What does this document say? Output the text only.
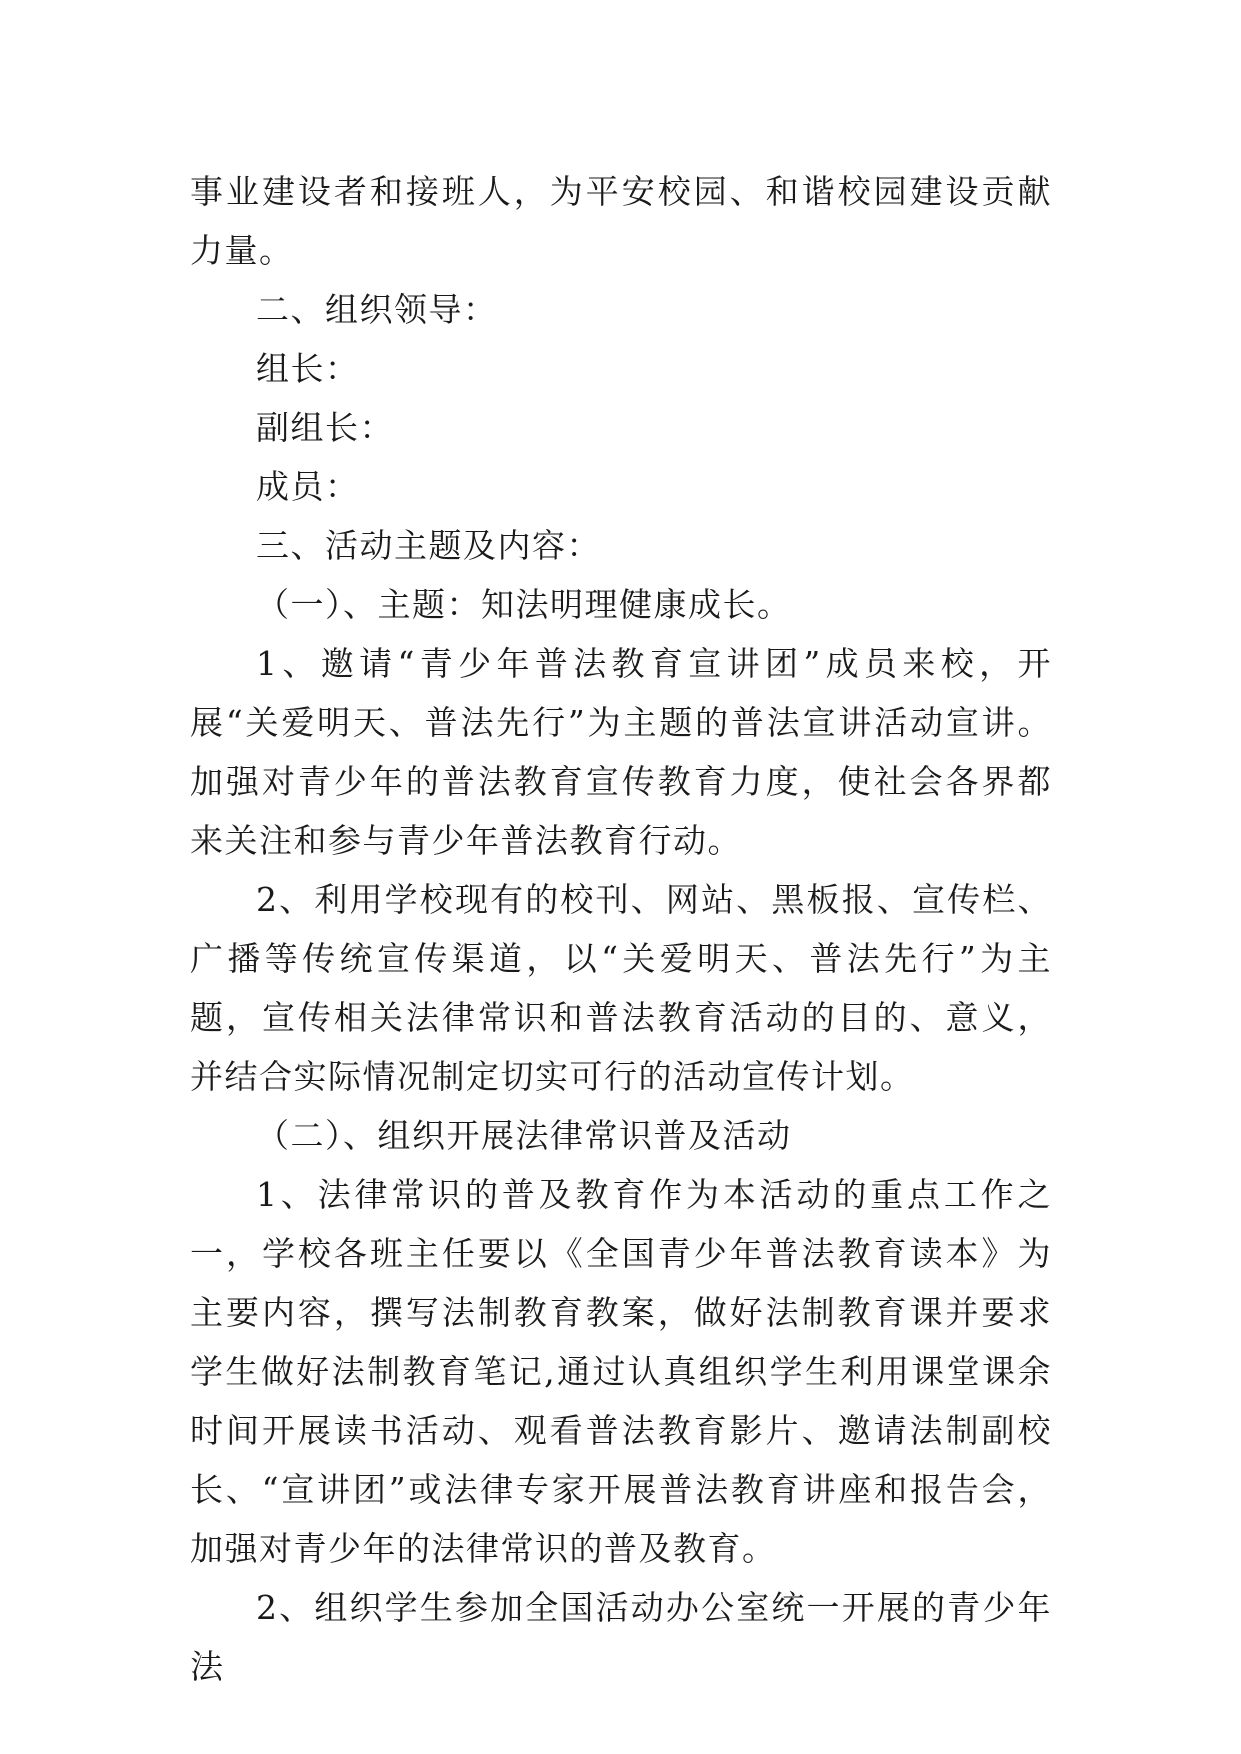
事业建设者和接班人，为平安校园、和谐校园建设贡献力量。

二、组织领导：

组长：

副组长：

成员：

三、活动主题及内容：

（一）、主题：知法明理健康成长。

1、邀请“青少年普法教育宣讲团”成员来校，开展“关爱明天、普法先行”为主题的普法宣讲活动宣讲。加强对青少年的普法教育宣传教育力度，使社会各界都来关注和参与青少年普法教育行动。

2、利用学校现有的校刊、网站、黑板报、宣传栏、广播等传统宣传渠道，以“关爱明天、普法先行”为主题，宣传相关法律常识和普法教育活动的目的、意义，并结合实际情况制定切实可行的活动宣传计划。

（二）、组织开展法律常识普及活动

1、法律常识的普及教育作为本活动的重点工作之一，学校各班主任要以《全国青少年普法教育读本》为主要内容，撰写法制教育教案，做好法制教育课并要求学生做好法制教育笔记,通过认真组织学生利用课堂课余时间开展读书活动、观看普法教育影片、邀请法制副校长、“宣讲团”或法律专家开展普法教育讲座和报告会，加强对青少年的法律常识的普及教育。

2、组织学生参加全国活动办公室统一开展的青少年法
